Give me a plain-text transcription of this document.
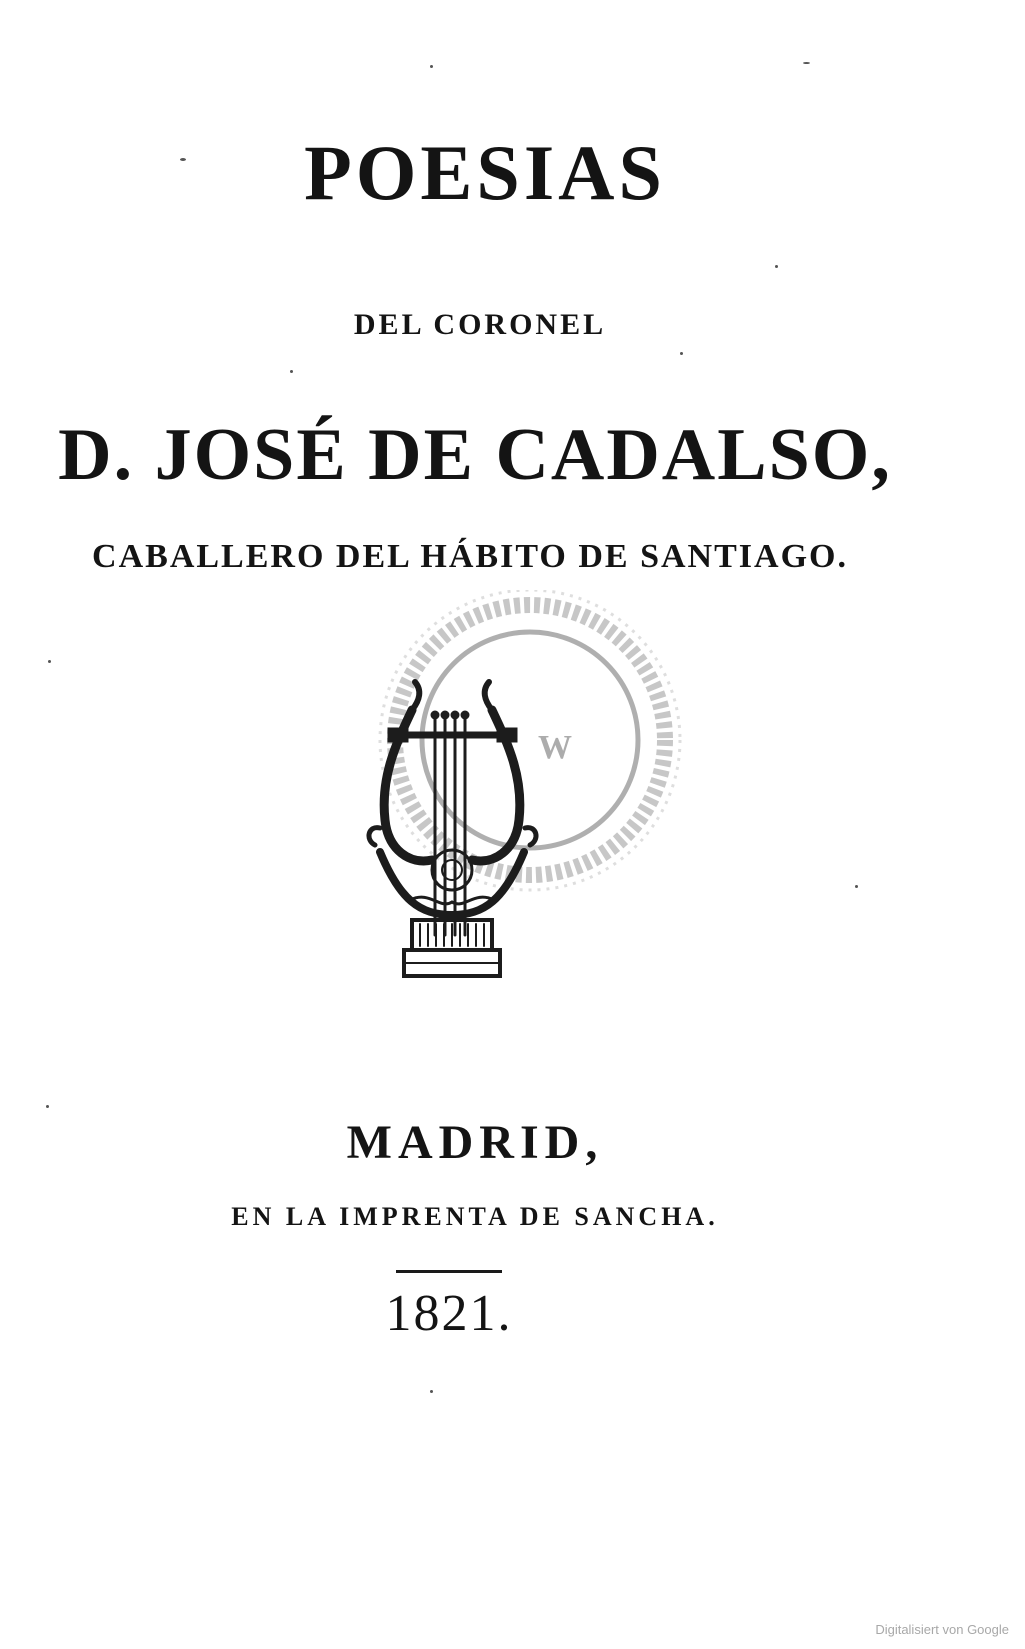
POESIAS
DEL CORONEL
D. JOSÉ DE CADALSO,
CABALLERO DEL HÁBITO DE SANTIAGO.
W
MADRID,
EN LA IMPRENTA DE SANCHA.
1821.
Digitalisiert von Google
